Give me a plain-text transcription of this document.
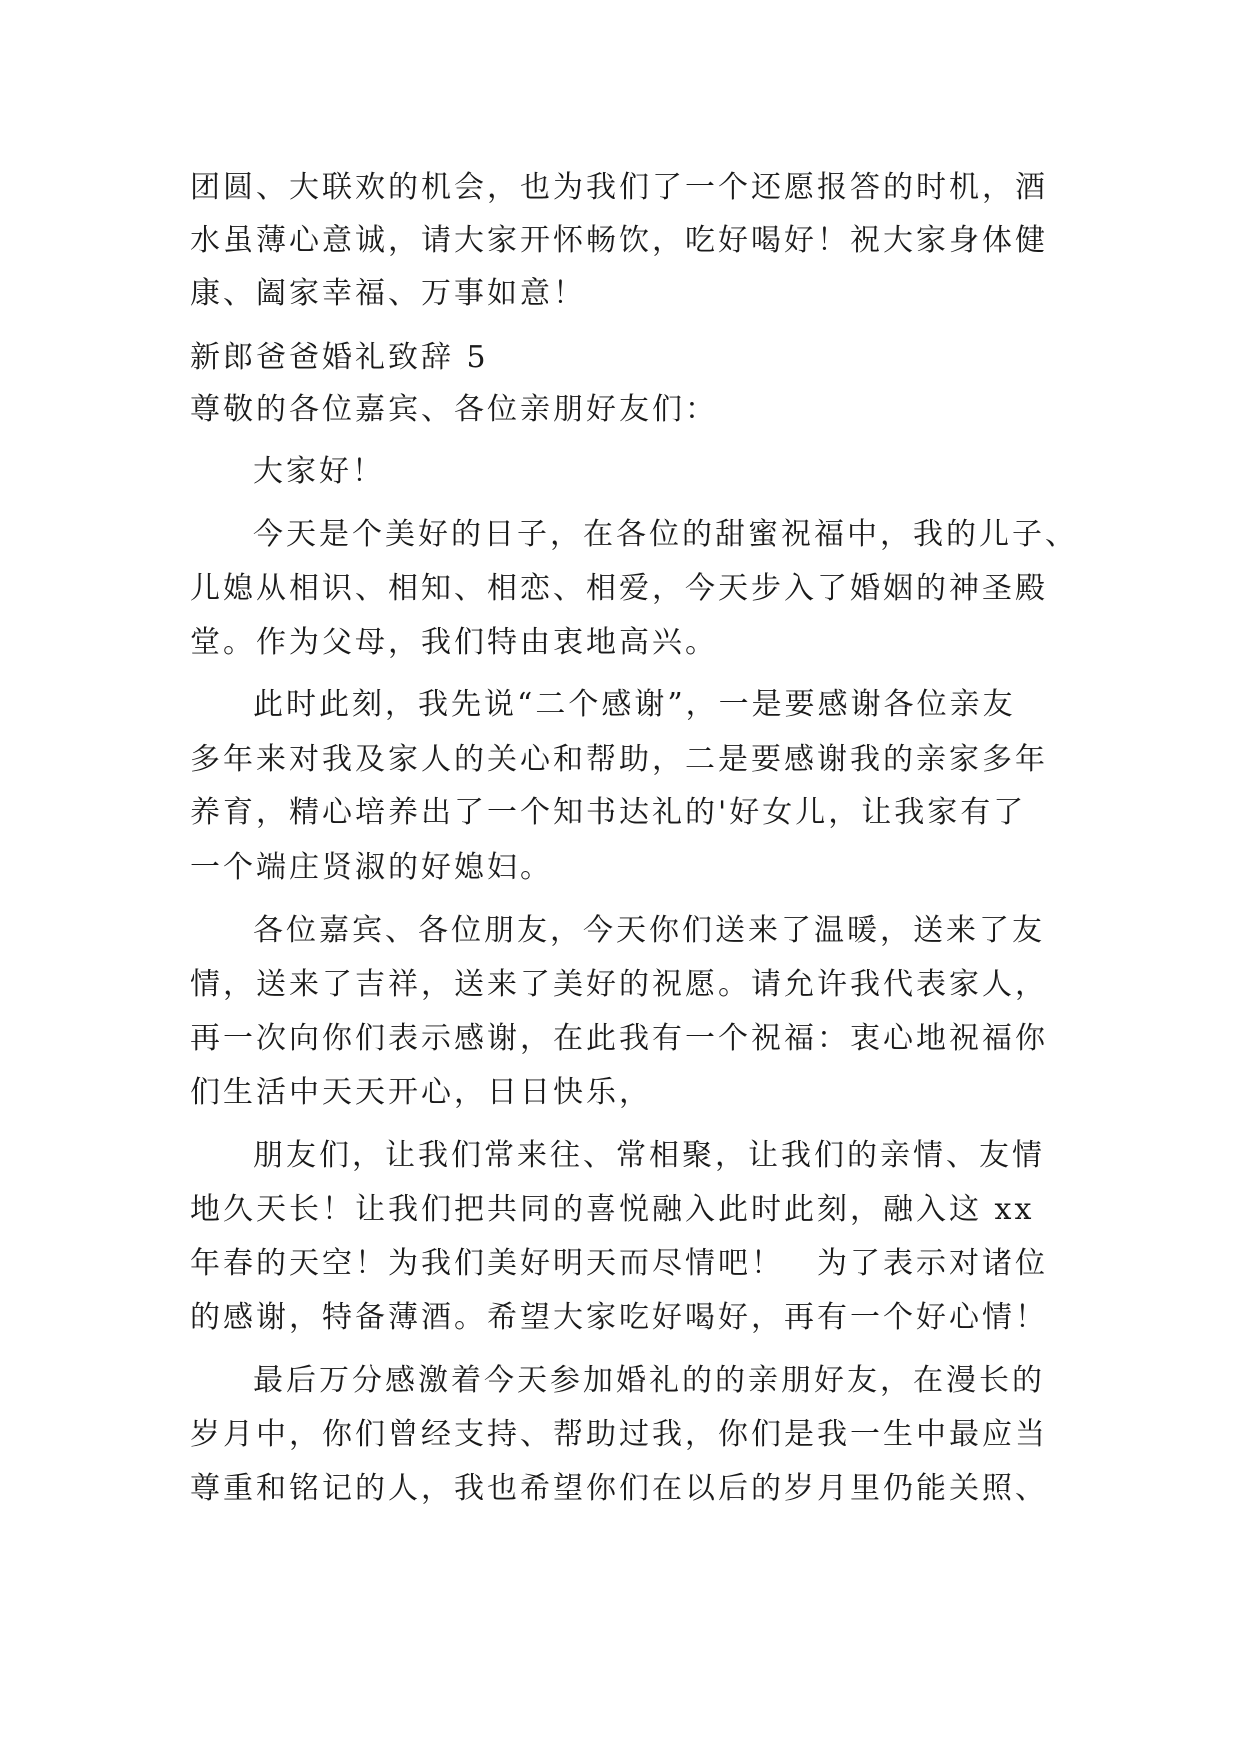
团圆、大联欢的机会，也为我们了一个还愿报答的时机，酒
水虽薄心意诚，请大家开怀畅饮，吃好喝好！祝大家身体健
康、阖家幸福、万事如意！
新郎爸爸婚礼致辞 5
尊敬的各位嘉宾、各位亲朋好友们：
大家好！
今天是个美好的日子，在各位的甜蜜祝福中，我的儿子、
儿媳从相识、相知、相恋、相爱，今天步入了婚姻的神圣殿
堂。作为父母，我们特由衷地高兴。
此时此刻，我先说“二个感谢”，一是要感谢各位亲友
多年来对我及家人的关心和帮助，二是要感谢我的亲家多年
养育，精心培养出了一个知书达礼的'好女儿，让我家有了
一个端庄贤淑的好媳妇。
各位嘉宾、各位朋友，今天你们送来了温暖，送来了友
情，送来了吉祥，送来了美好的祝愿。请允许我代表家人，
再一次向你们表示感谢，在此我有一个祝福：衷心地祝福你
们生活中天天开心，日日快乐，
朋友们，让我们常来往、常相聚，让我们的亲情、友情
地久天长！让我们把共同的喜悦融入此时此刻，融入这 xx
年春的天空！为我们美好明天而尽情吧！　为了表示对诸位
的感谢，特备薄酒。希望大家吃好喝好，再有一个好心情！
最后万分感激着今天参加婚礼的的亲朋好友，在漫长的
岁月中，你们曾经支持、帮助过我，你们是我一生中最应当
尊重和铭记的人，我也希望你们在以后的岁月里仍能关照、
